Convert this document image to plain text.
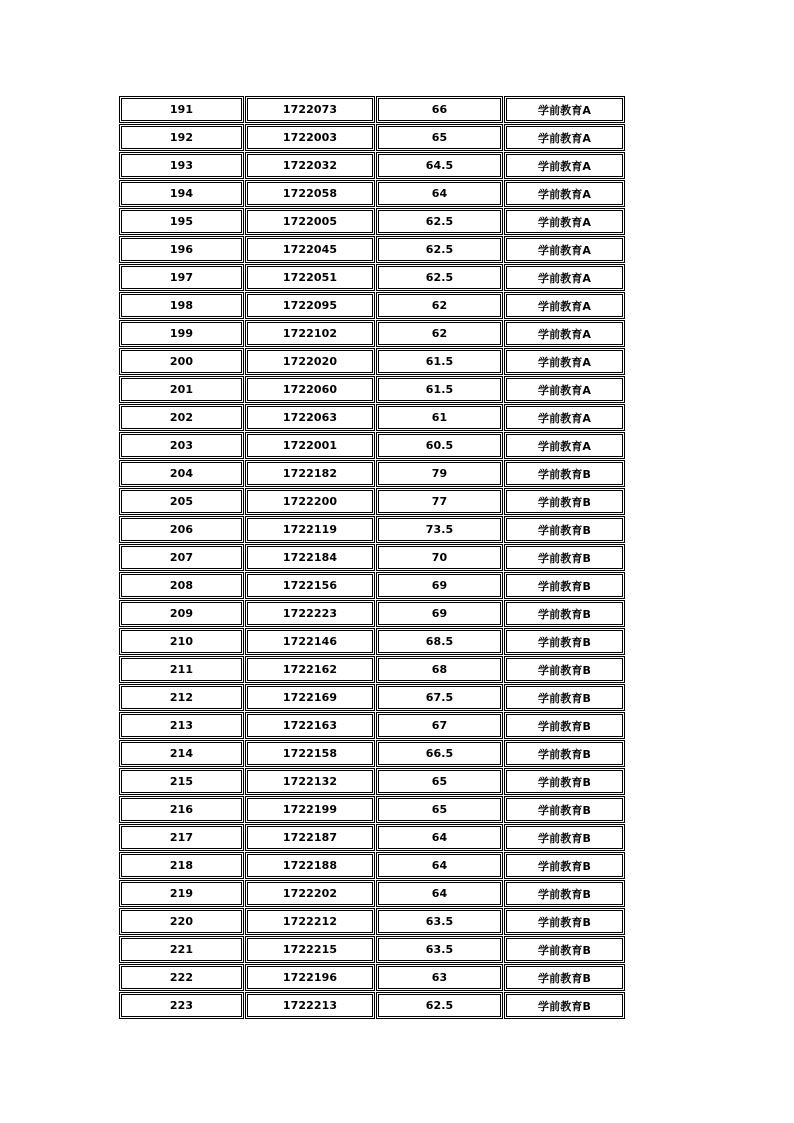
191	1722073	66	学前教育A
192	1722003	65	学前教育A
193	1722032	64.5	学前教育A
194	1722058	64	学前教育A
195	1722005	62.5	学前教育A
196	1722045	62.5	学前教育A
197	1722051	62.5	学前教育A
198	1722095	62	学前教育A
199	1722102	62	学前教育A
200	1722020	61.5	学前教育A
201	1722060	61.5	学前教育A
202	1722063	61	学前教育A
203	1722001	60.5	学前教育A
204	1722182	79	学前教育B
205	1722200	77	学前教育B
206	1722119	73.5	学前教育B
207	1722184	70	学前教育B
208	1722156	69	学前教育B
209	1722223	69	学前教育B
210	1722146	68.5	学前教育B
211	1722162	68	学前教育B
212	1722169	67.5	学前教育B
213	1722163	67	学前教育B
214	1722158	66.5	学前教育B
215	1722132	65	学前教育B
216	1722199	65	学前教育B
217	1722187	64	学前教育B
218	1722188	64	学前教育B
219	1722202	64	学前教育B
220	1722212	63.5	学前教育B
221	1722215	63.5	学前教育B
222	1722196	63	学前教育B
223	1722213	62.5	学前教育B
